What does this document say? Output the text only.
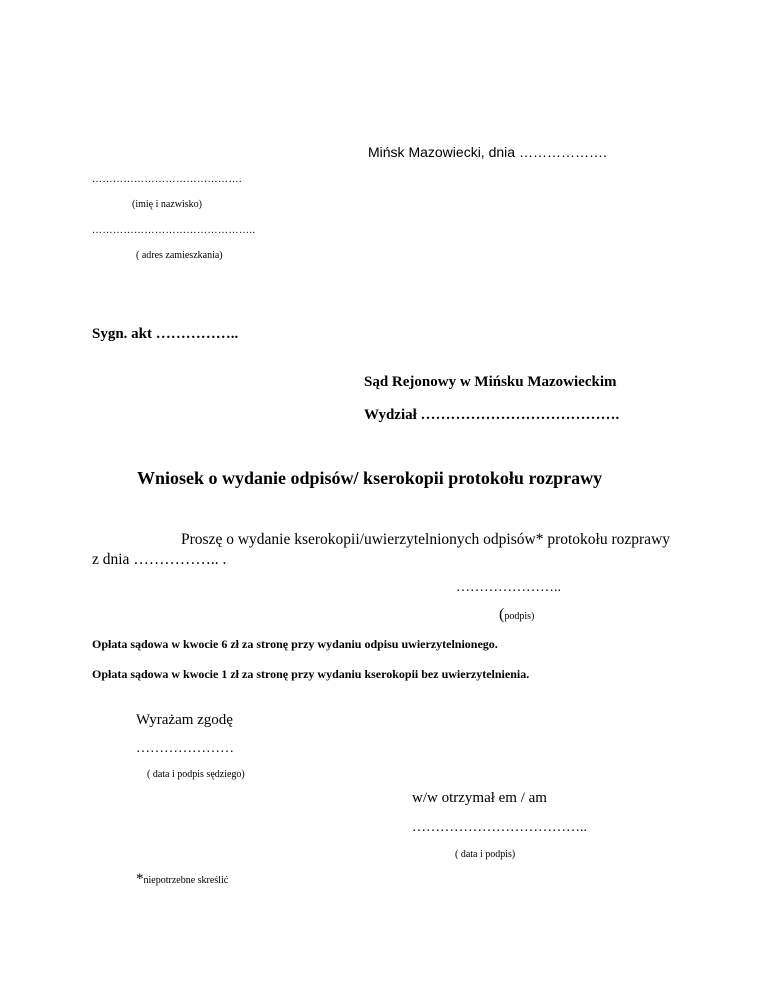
Mińsk Mazowiecki, dnia ……………….
…………………………………….
(imię i nazwisko)
………………………………………..
( adres zamieszkania)
Sygn. akt ……………..
Sąd Rejonowy w Mińsku Mazowieckim
Wydział ………………………………….
Wniosek o wydanie odpisów/ kserokopii protokołu rozprawy
Proszę o wydanie kserokopii/uwierzytelnionych odpisów* protokołu rozprawy
z dnia …………….. .
…………………..
(podpis)
Opłata sądowa w kwocie 6 zł za stronę przy wydaniu odpisu uwierzytelnionego.
Opłata sądowa w kwocie 1 zł za stronę przy wydaniu kserokopii bez uwierzytelnienia.
Wyrażam zgodę
…………………
( data i podpis sędziego)
w/w otrzymał em / am
………………………………..
( data i podpis)
*niepotrzebne skreślić
